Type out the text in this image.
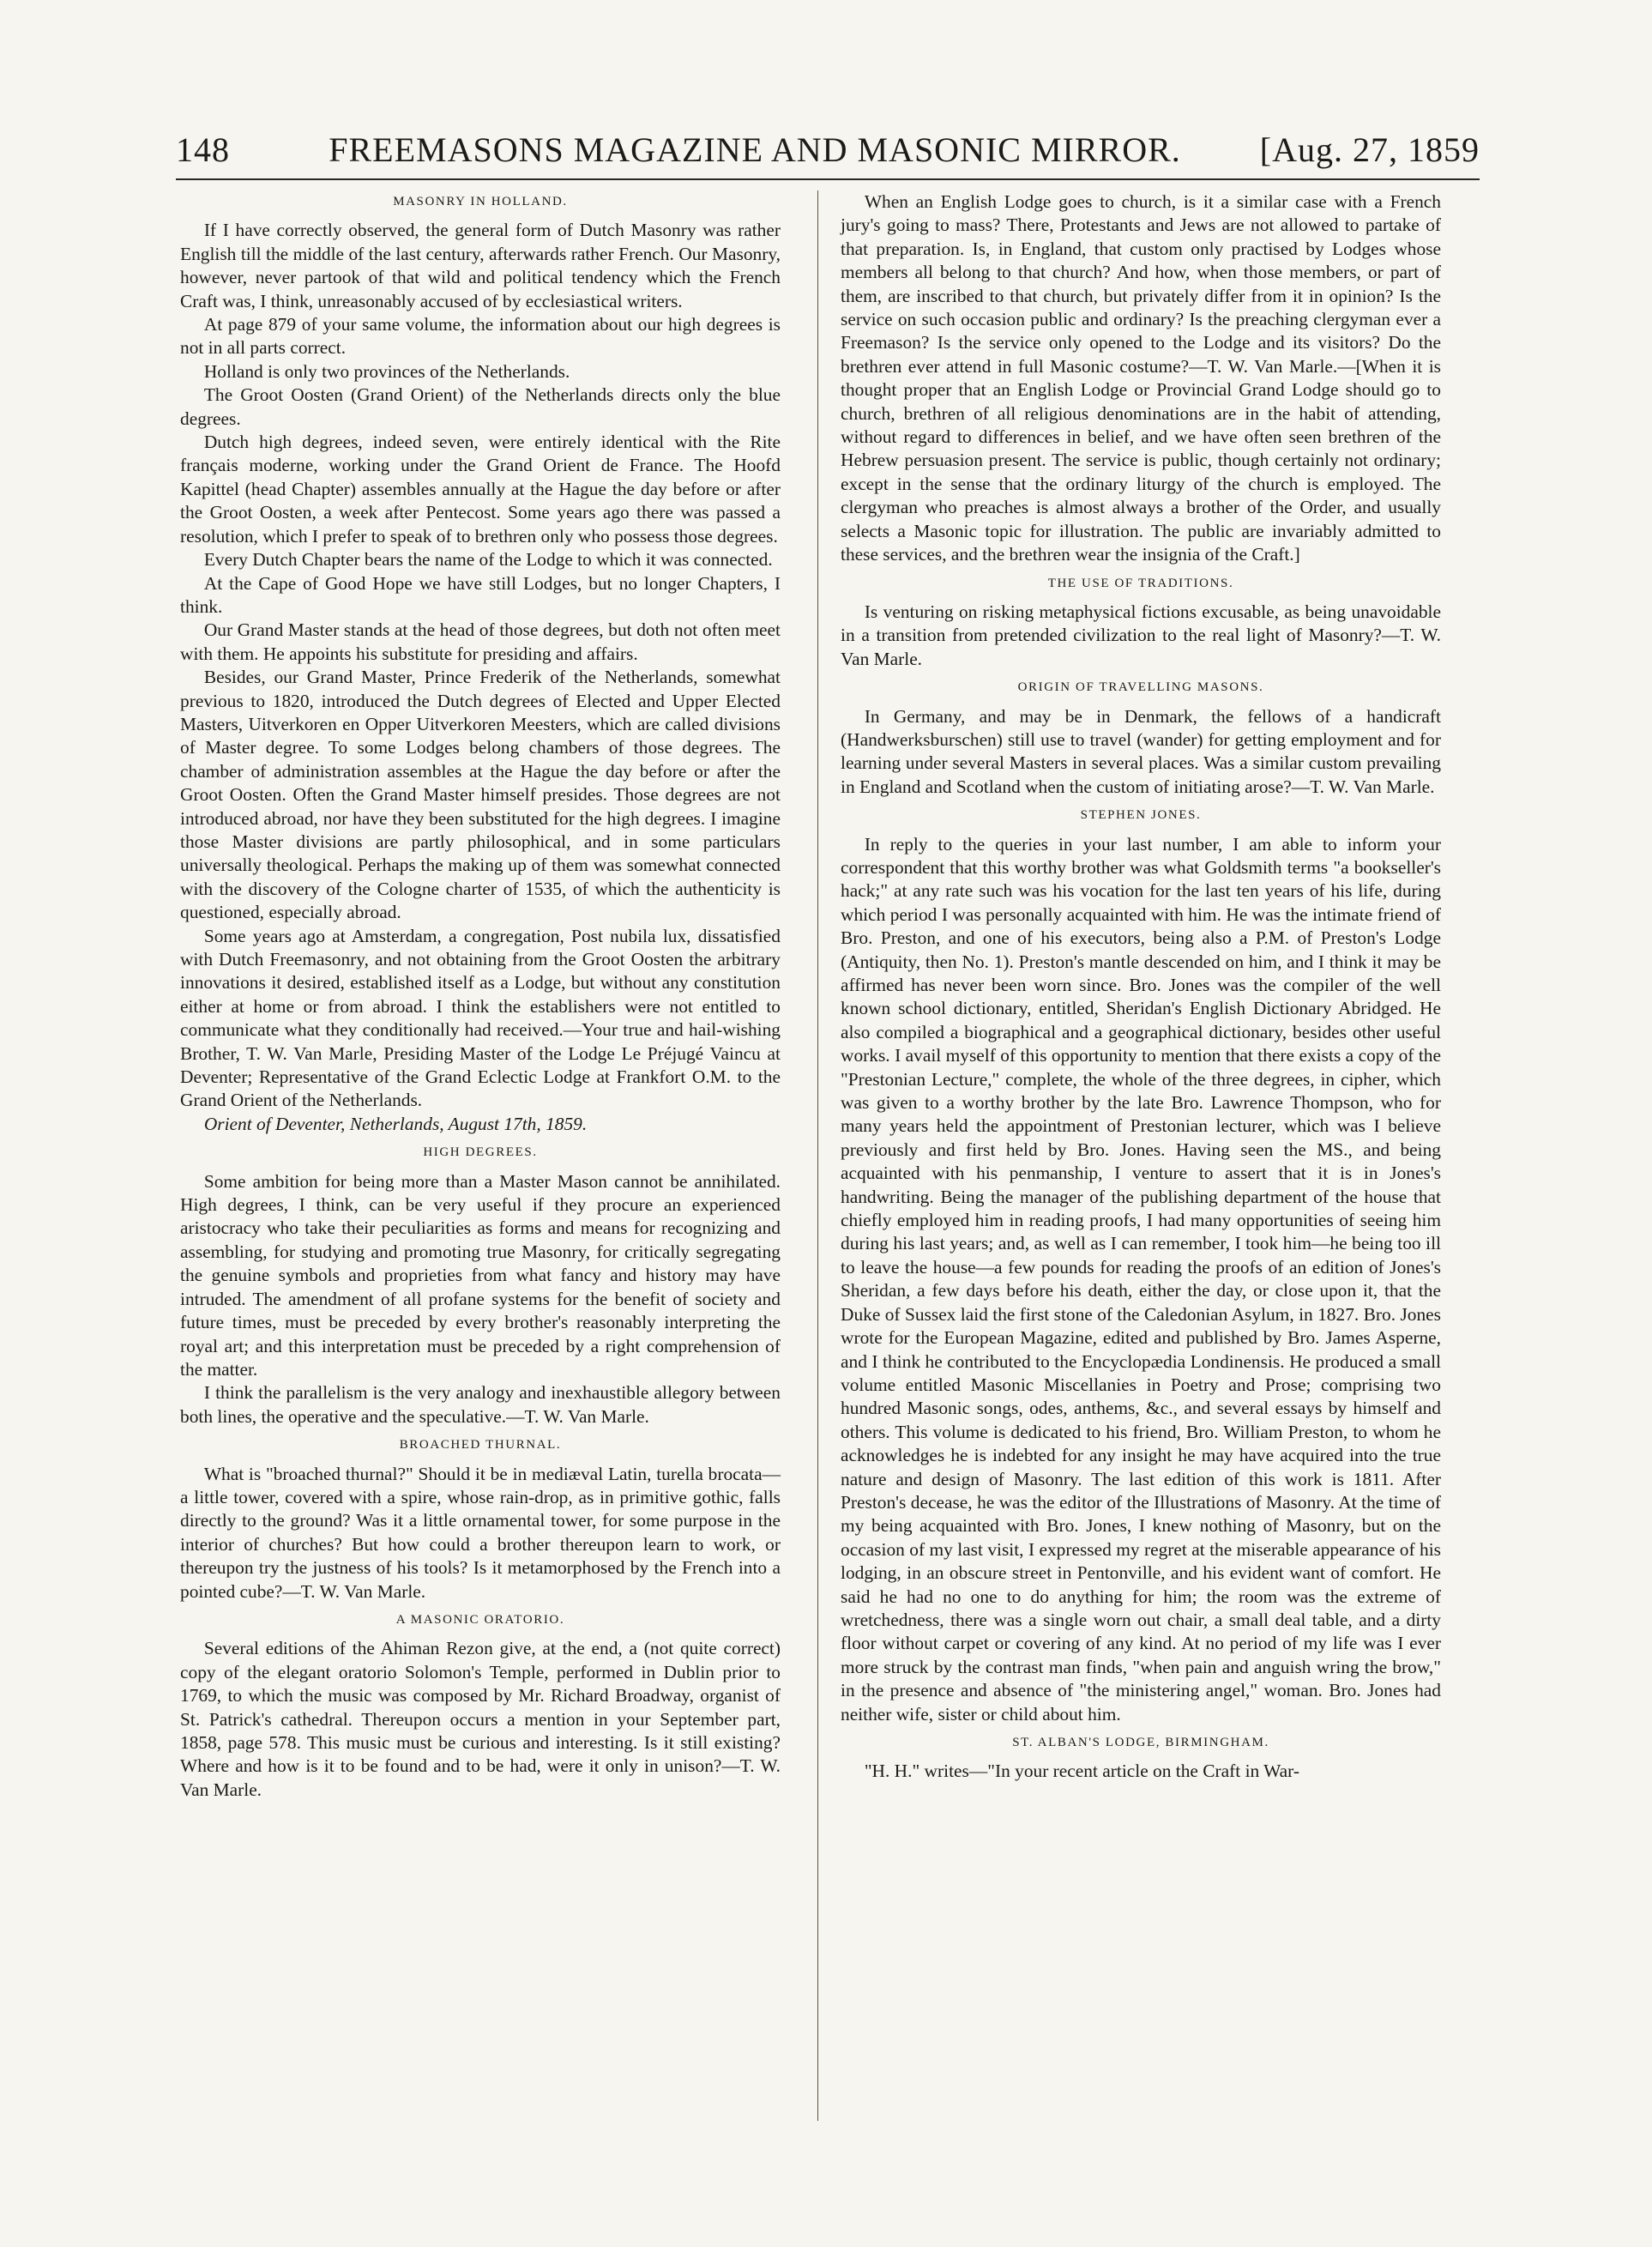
148	FREEMASONS MAGAZINE AND MASONIC MIRROR.	[Aug. 27, 1859
MASONRY IN HOLLAND.

If I have correctly observed, the general form of Dutch Masonry was rather English till the middle of the last century, afterwards rather French. Our Masonry, however, never partook of that wild and political tendency which the French Craft was, I think, unreasonably accused of by ecclesiastical writers.

At page 879 of your same volume, the information about our high degrees is not in all parts correct.

Holland is only two provinces of the Netherlands.

The Groot Oosten (Grand Orient) of the Netherlands directs only the blue degrees.

Dutch high degrees, indeed seven, were entirely identical with the Rite français moderne, working under the Grand Orient de France. The Hoofd Kapittel (head Chapter) assembles annually at the Hague the day before or after the Groot Oosten, a week after Pentecost. Some years ago there was passed a resolution, which I prefer to speak of to brethren only who possess those degrees.

Every Dutch Chapter bears the name of the Lodge to which it was connected.

At the Cape of Good Hope we have still Lodges, but no longer Chapters, I think.

Our Grand Master stands at the head of those degrees, but doth not often meet with them. He appoints his substitute for presiding and affairs.

Besides, our Grand Master, Prince Frederik of the Netherlands, somewhat previous to 1820, introduced the Dutch degrees of Elected and Upper Elected Masters, Uitverkoren en Opper Uitverkoren Meesters, which are called divisions of Master degree. To some Lodges belong chambers of those degrees. The chamber of administration assembles at the Hague the day before or after the Groot Oosten. Often the Grand Master himself presides. Those degrees are not introduced abroad, nor have they been substituted for the high degrees. I imagine those Master divisions are partly philosophical, and in some particulars universally theological. Perhaps the making up of them was somewhat connected with the discovery of the Cologne charter of 1535, of which the authenticity is questioned, especially abroad.

Some years ago at Amsterdam, a congregation, Post nubila lux, dissatisfied with Dutch Freemasonry, and not obtaining from the Groot Oosten the arbitrary innovations it desired, established itself as a Lodge, but without any constitution either at home or from abroad. I think the establishers were not entitled to communicate what they conditionally had received.—Your true and hail-wishing Brother, T. W. Van Marle, Presiding Master of the Lodge Le Préjugé Vaincu at Deventer; Representative of the Grand Eclectic Lodge at Frankfort O.M. to the Grand Orient of the Netherlands.

Orient of Deventer, Netherlands, August 17th, 1859.

HIGH DEGREES.

Some ambition for being more than a Master Mason cannot be annihilated. High degrees, I think, can be very useful if they procure an experienced aristocracy who take their peculiarities as forms and means for recognizing and assembling, for studying and promoting true Masonry, for critically segregating the genuine symbols and proprieties from what fancy and history may have intruded. The amendment of all profane systems for the benefit of society and future times, must be preceded by every brother's reasonably interpreting the royal art; and this interpretation must be preceded by a right comprehension of the matter.

I think the parallelism is the very analogy and inexhaustible allegory between both lines, the operative and the speculative.—T. W. Van Marle.

BROACHED THURNAL.

What is "broached thurnal?" Should it be in mediæval Latin, turella brocata—a little tower, covered with a spire, whose rain-drop, as in primitive gothic, falls directly to the ground? Was it a little ornamental tower, for some purpose in the interior of churches? But how could a brother thereupon learn to work, or thereupon try the justness of his tools? Is it metamorphosed by the French into a pointed cube?—T. W. Van Marle.

A MASONIC ORATORIO.

Several editions of the Ahiman Rezon give, at the end, a (not quite correct) copy of the elegant oratorio Solomon's Temple, performed in Dublin prior to 1769, to which the music was composed by Mr. Richard Broadway, organist of St. Patrick's cathedral. Thereupon occurs a mention in your September part, 1858, page 578. This music must be curious and interesting. Is it still existing? Where and how is it to be found and to be had, were it only in unison?—T. W. Van Marle.

When an English Lodge goes to church, is it a similar case with a French jury's going to mass? There, Protestants and Jews are not allowed to partake of that preparation. Is, in England, that custom only practised by Lodges whose members all belong to that church? And how, when those members, or part of them, are inscribed to that church, but privately differ from it in opinion? Is the service on such occasion public and ordinary? Is the preaching clergyman ever a Freemason? Is the service only opened to the Lodge and its visitors? Do the brethren ever attend in full Masonic costume?—T. W. Van Marle.—[When it is thought proper that an English Lodge or Provincial Grand Lodge should go to church, brethren of all religious denominations are in the habit of attending, without regard to differences in belief, and we have often seen brethren of the Hebrew persuasion present. The service is public, though certainly not ordinary; except in the sense that the ordinary liturgy of the church is employed. The clergyman who preaches is almost always a brother of the Order, and usually selects a Masonic topic for illustration. The public are invariably admitted to these services, and the brethren wear the insignia of the Craft.]

THE USE OF TRADITIONS.

Is venturing on risking metaphysical fictions excusable, as being unavoidable in a transition from pretended civilization to the real light of Masonry?—T. W. Van Marle.

ORIGIN OF TRAVELLING MASONS.

In Germany, and may be in Denmark, the fellows of a handicraft (Handwerksburschen) still use to travel (wander) for getting employment and for learning under several Masters in several places. Was a similar custom prevailing in England and Scotland when the custom of initiating arose?—T. W. Van Marle.

STEPHEN JONES.

In reply to the queries in your last number, I am able to inform your correspondent that this worthy brother was what Goldsmith terms "a bookseller's hack;" at any rate such was his vocation for the last ten years of his life, during which period I was personally acquainted with him. He was the intimate friend of Bro. Preston, and one of his executors, being also a P.M. of Preston's Lodge (Antiquity, then No. 1). Preston's mantle descended on him, and I think it may be affirmed has never been worn since. Bro. Jones was the compiler of the well known school dictionary, entitled, Sheridan's English Dictionary Abridged. He also compiled a biographical and a geographical dictionary, besides other useful works. I avail myself of this opportunity to mention that there exists a copy of the "Prestonian Lecture," complete, the whole of the three degrees, in cipher, which was given to a worthy brother by the late Bro. Lawrence Thompson, who for many years held the appointment of Prestonian lecturer, which was I believe previously and first held by Bro. Jones. Having seen the MS., and being acquainted with his penmanship, I venture to assert that it is in Jones's handwriting. Being the manager of the publishing department of the house that chiefly employed him in reading proofs, I had many opportunities of seeing him during his last years; and, as well as I can remember, I took him—he being too ill to leave the house—a few pounds for reading the proofs of an edition of Jones's Sheridan, a few days before his death, either the day, or close upon it, that the Duke of Sussex laid the first stone of the Caledonian Asylum, in 1827. Bro. Jones wrote for the European Magazine, edited and published by Bro. James Asperne, and I think he contributed to the Encyclopædia Londinensis. He produced a small volume entitled Masonic Miscellanies in Poetry and Prose; comprising two hundred Masonic songs, odes, anthems, &c., and several essays by himself and others. This volume is dedicated to his friend, Bro. William Preston, to whom he acknowledges he is indebted for any insight he may have acquired into the true nature and design of Masonry. The last edition of this work is 1811. After Preston's decease, he was the editor of the Illustrations of Masonry. At the time of my being acquainted with Bro. Jones, I knew nothing of Masonry, but on the occasion of my last visit, I expressed my regret at the miserable appearance of his lodging, in an obscure street in Pentonville, and his evident want of comfort. He said he had no one to do anything for him; the room was the extreme of wretchedness, there was a single worn out chair, a small deal table, and a dirty floor without carpet or covering of any kind. At no period of my life was I ever more struck by the contrast man finds, "when pain and anguish wring the brow," in the presence and absence of "the ministering angel," woman. Bro. Jones had neither wife, sister or child about him.

ST. ALBAN'S LODGE, BIRMINGHAM.

"H. H." writes—"In your recent article on the Craft in War-
